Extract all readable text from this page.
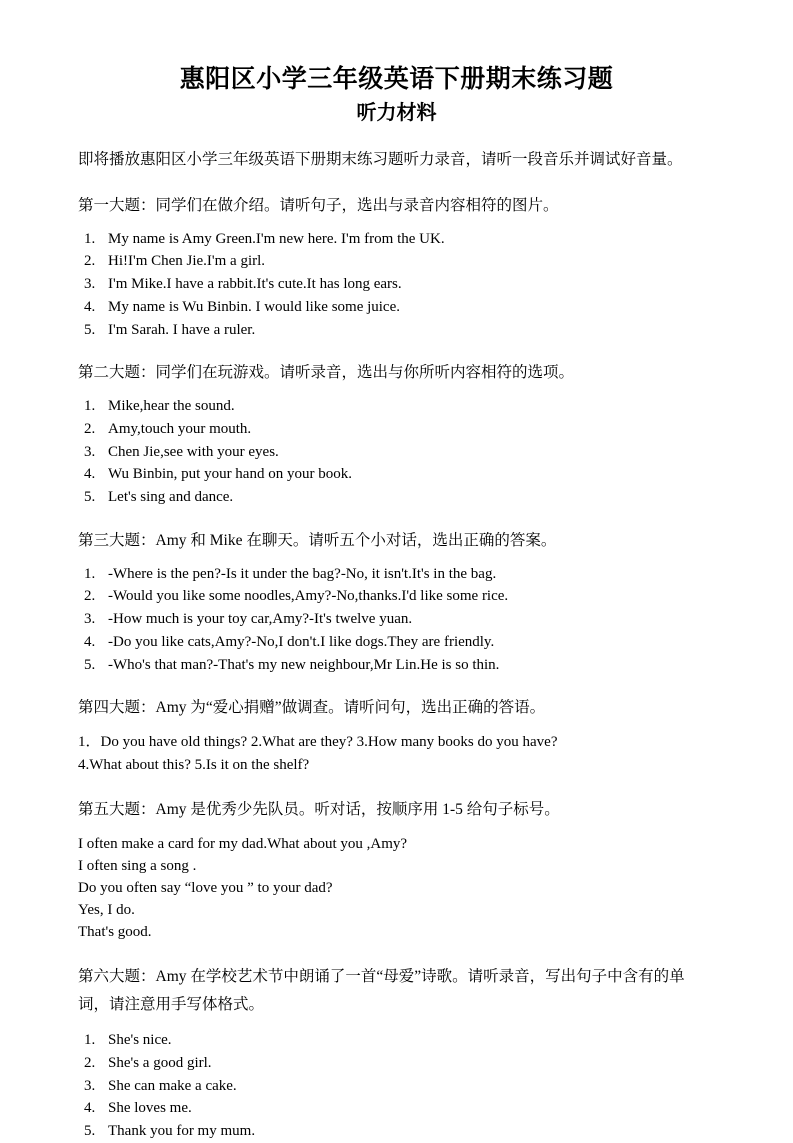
惠阳区小学三年级英语下册期末练习题
听力材料

即将播放惠阳区小学三年级英语下册期末练习题听力录音，请听一段音乐并调试好音量。

第一大题：同学们在做介绍。请听句子，选出与录音内容相符的图片。

1. My name is Amy Green.I'm new here. I'm from the UK.
2. Hi!I'm Chen Jie.I'm a girl.
3. I'm Mike.I have a rabbit.It's cute.It has long ears.
4. My name is Wu Binbin. I would like some juice.
5. I'm Sarah. I have a ruler.

第二大题：同学们在玩游戏。请听录音，选出与你所听内容相符的选项。

1. Mike,hear the sound.
2. Amy,touch your mouth.
3. Chen Jie,see with your eyes.
4. Wu Binbin, put your hand on your book.
5. Let's sing and dance.

第三大题：Amy 和 Mike 在聊天。请听五个小对话，选出正确的答案。

1. -Where is the pen?-Is it under the bag?-No, it isn't.It's in the bag.
2. -Would you like some noodles,Amy?-No,thanks.I'd like some rice.
3. -How much is your toy car,Amy?-It's twelve yuan.
4. -Do you like cats,Amy?-No,I don't.I like dogs.They are friendly.
5. -Who's that man?-That's my new neighbour,Mr Lin.He is so thin.

第四大题：Amy 为“爱心捐赠”做调查。请听问句，选出正确的答语。

1．Do you have old things? 2.What are they? 3.How many books do you have?

4.What about this? 5.Is it on the shelf?

第五大题：Amy 是优秀少先队员。听对话，按顺序用 1-5 给句子标号。

I often make a card for my dad.What about you ,Amy?

I often sing a song .

Do you often say “love you ” to your dad?

Yes, I do.

That's good.

第六大题：Amy 在学校艺术节中朗诵了一首“母爱”诗歌。请听录音，写出句子中含有的单词，请注意用手写体格式。

1. She's nice.
2. She's a good girl.
3. She can make a cake.
4. She loves me.
5. Thank you for my mum.
